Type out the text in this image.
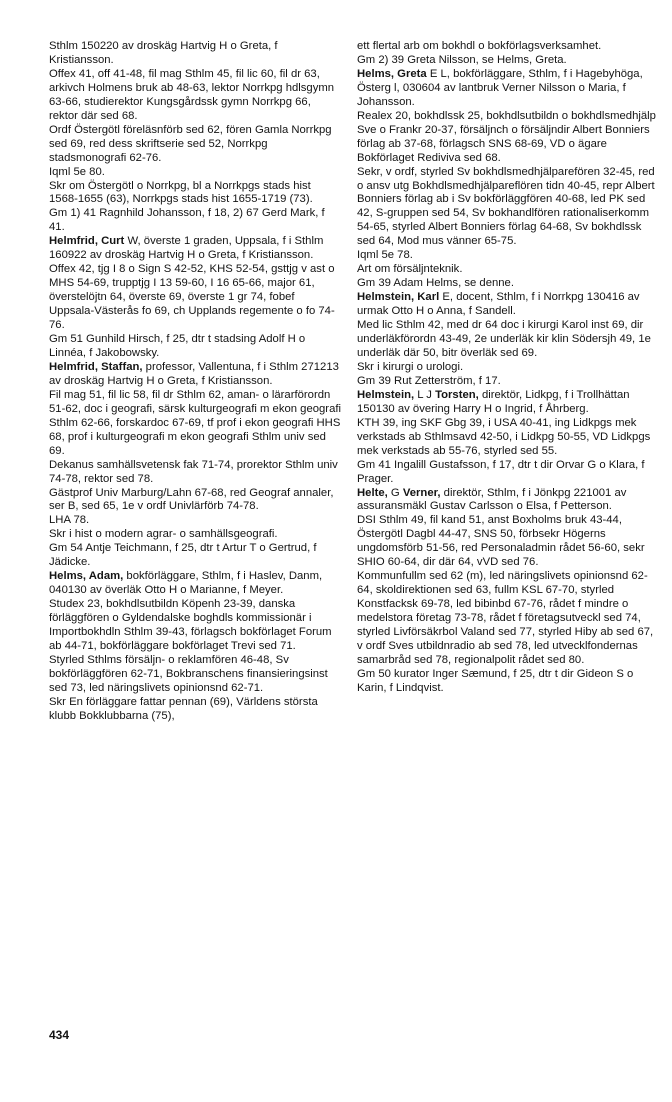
Sthlm 150220 av droskäg Hartvig H o Greta, f Kristiansson.

Offex 41, off 41-48, fil mag Sthlm 45, fil lic 60, fil dr 63, arkivch Holmens bruk ab 48-63, lektor Norrkpg hdlsgymn 63-66, studierektor Kungsgårdssk gymn Norrkpg 66, rektor där sed 68.

Ordf Östergötl föreläsnförb sed 62, fören Gamla Norrkpg sed 69, red dess skriftserie sed 52, Norrkpg stadsmonografi 62-76.

Iqml 5e 80.

Skr om Östergötl o Norrkpg, bl a Norrkpgs stads hist 1568-1655 (63), Norrkpgs stads hist 1655-1719 (73).

Gm 1) 41 Ragnhild Johansson, f 18, 2) 67 Gerd Mark, f 41.

Helmfrid, Curt W, överste 1 graden, Uppsala, f i Sthlm 160922 av droskäg Hartvig H o Greta, f Kristiansson.

Offex 42, tjg I 8 o Sign S 42-52, KHS 52-54, gsttjg v ast o MHS 54-69, trupptjg I 13 59-60, I 16 65-66, major 61, överstelöjtn 64, överste 69, överste 1 gr 74, fobef Uppsala-Västerås fo 69, ch Upplands regemente o fo 74-76.

Gm 51 Gunhild Hirsch, f 25, dtr t stadsing Adolf H o Linnéa, f Jakobowsky.

Helmfrid, Staffan, professor, Vallentuna, f i Sthlm 271213 av droskäg Hartvig H o Greta, f Kristiansson.

Fil mag 51, fil lic 58, fil dr Sthlm 62, aman- o lärarförordn 51-62, doc i geografi, särsk kulturgeografi m ekon geografi Sthlm 62-66, forskardoc 67-69, tf prof i ekon geografi HHS 68, prof i kulturgeografi m ekon geografi Sthlm univ sed 69.

Dekanus samhällsvetensk fak 71-74, prorektor Sthlm univ 74-78, rektor sed 78.

Gästprof Univ Marburg/Lahn 67-68, red Geograf annaler, ser B, sed 65, 1e v ordf Univlärförb 74-78.

LHA 78.

Skr i hist o modern agrar- o samhällsgeografi.

Gm 54 Antje Teichmann, f 25, dtr t Artur T o Gertrud, f Jädicke.

Helms, Adam, bokförläggare, Sthlm, f i Haslev, Danm, 040130 av överläk Otto H o Marianne, f Meyer.

Studex 23, bokhdlsutbildn Köpenh 23-39, danska förläggfören o Gyldendalske boghdls kommissionär i Importbokhdln Sthlm 39-43, förlagsch bokförlaget Forum ab 44-71, bokförläggare bokförlaget Trevi sed 71.

Styrled Sthlms försäljn- o reklamfören 46-48, Sv bokförläggfören 62-71, Bokbranschens finansieringsinst sed 73, led näringslivets opinionsnd 62-71.

Skr En förläggare fattar pennan (69), Världens största klubb Bokklubbarna (75),

ett flertal arb om bokhdl o bokförlagsverksamhet.

Gm 2) 39 Greta Nilsson, se Helms, Greta.

Helms, Greta E L, bokförläggare, Sthlm, f i Hagebyhöga, Österg l, 030604 av lantbruk Verner Nilsson o Maria, f Johansson.

Realex 20, bokhdlssk 25, bokhdlsutbildn o bokhdlsmedhjälp Sve o Frankr 20-37, försäljnch o försäljndir Albert Bonniers förlag ab 37-68, förlagsch SNS 68-69, VD o ägare Bokförlaget Rediviva sed 68.

Sekr, v ordf, styrled Sv bokhdlsmedhjälparefören 32-45, red o ansv utg Bokhdlsmedhjälpareflören tidn 40-45, repr Albert Bonniers förlag ab i Sv bokförläggfören 40-68, led PK sed 42, S-gruppen sed 54, Sv bokhandlfören rationaliserkomm 54-65, styrled Albert Bonniers förlag 64-68, Sv bokhdlssk sed 64, Mod mus vänner 65-75.

Iqml 5e 78.

Art om försäljnteknik.

Gm 39 Adam Helms, se denne.

Helmstein, Karl E, docent, Sthlm, f i Norrkpg 130416 av urmak Otto H o Anna, f Sandell.

Med lic Sthlm 42, med dr 64 doc i kirurgi Karol inst 69, dir underläkförordn 43-49, 2e underläk kir klin Södersjh 49, 1e underläk där 50, bitr överläk sed 69.

Skr i kirurgi o urologi.

Gm 39 Rut Zetterström, f 17.

Helmstein, L J Torsten, direktör, Lidkpg, f i Trollhättan 150130 av övering Harry H o Ingrid, f Åhrberg.

KTH 39, ing SKF Gbg 39, i USA 40-41, ing Lidkpgs mek verkstads ab Sthlmsavd 42-50, i Lidkpg 50-55, VD Lidkpgs mek verkstads ab 55-76, styrled sed 55.

Gm 41 Ingalill Gustafsson, f 17, dtr t dir Orvar G o Klara, f Prager.

Helte, G Verner, direktör, Sthlm, f i Jönkpg 221001 av assuransmäkl Gustav Carlsson o Elsa, f Petterson.

DSI Sthlm 49, fil kand 51, anst Boxholms bruk 43-44, Östergötl Dagbl 44-47, SNS 50, förbsekr Högerns ungdomsförb 51-56, red Personaladmin rådet 56-60, sekr SHIO 60-64, dir där 64, vVD sed 76.

Kommunfullm sed 62 (m), led näringslivets opinionsnd 62-64, skoldirektionen sed 63, fullm KSL 67-70, styrled Konstfacksk 69-78, led bibinbd 67-76, rådet f mindre o medelstora företag 73-78, rådet f företagsutveckl sed 74, styrled Livförsäkrbol Valand sed 77, styrled Hiby ab sed 67, v ordf Sves utbildnradio ab sed 78, led utvecklfondernas samarbråd sed 78, regionalpolit rådet sed 80.

Gm 50 kurator Inger Sæmund, f 25, dtr t dir Gideon S o Karin, f Lindqvist.

434
